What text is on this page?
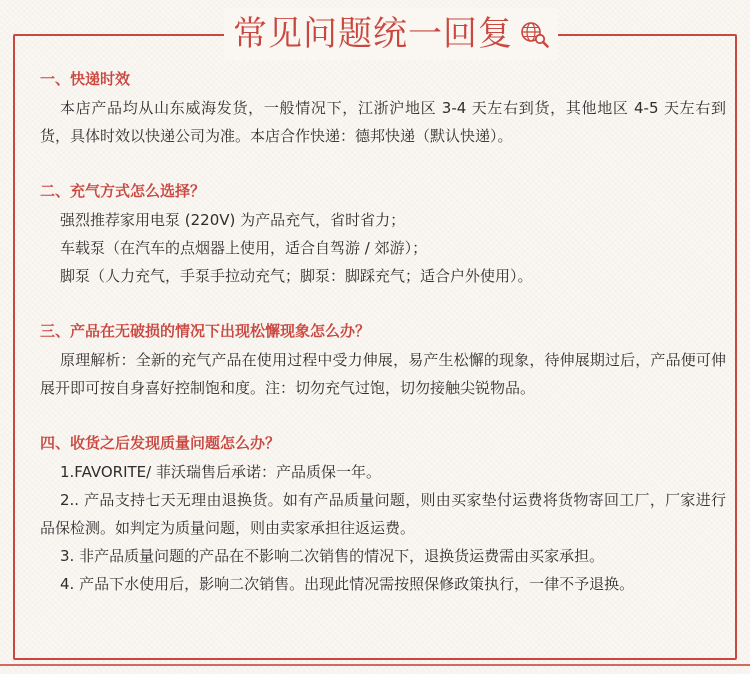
常见问题统一回复
一、快递时效
本店产品均从山东威海发货，一般情况下，江浙沪地区 3-4 天左右到货，其他地区 4-5 天左右到货，具体时效以快递公司为准。本店合作快递：德邦快递（默认快递）。
二、充气方式怎么选择？
强烈推荐家用电泵 (220V) 为产品充气，省时省力；
车载泵（在汽车的点烟器上使用，适合自驾游 / 郊游）；
脚泵（人力充气，手泵手拉动充气；脚泵：脚踩充气；适合户外使用）。
三、产品在无破损的情况下出现松懈现象怎么办？
原理解析：全新的充气产品在使用过程中受力伸展，易产生松懈的现象，待伸展期过后，产品便可伸展开即可按自身喜好控制饱和度。注：切勿充气过饱，切勿接触尖锐物品。
四、收货之后发现质量问题怎么办？
1.FAVORITE/ 菲沃瑞售后承诺：产品质保一年。
2.. 产品支持七天无理由退换货。如有产品质量问题，则由买家垫付运费将货物寄回工厂，厂家进行品保检测。如判定为质量问题，则由卖家承担往返运费。
3. 非产品质量问题的产品在不影响二次销售的情况下，退换货运费需由买家承担。
4. 产品下水使用后，影响二次销售。出现此情况需按照保修政策执行，一律不予退换。
